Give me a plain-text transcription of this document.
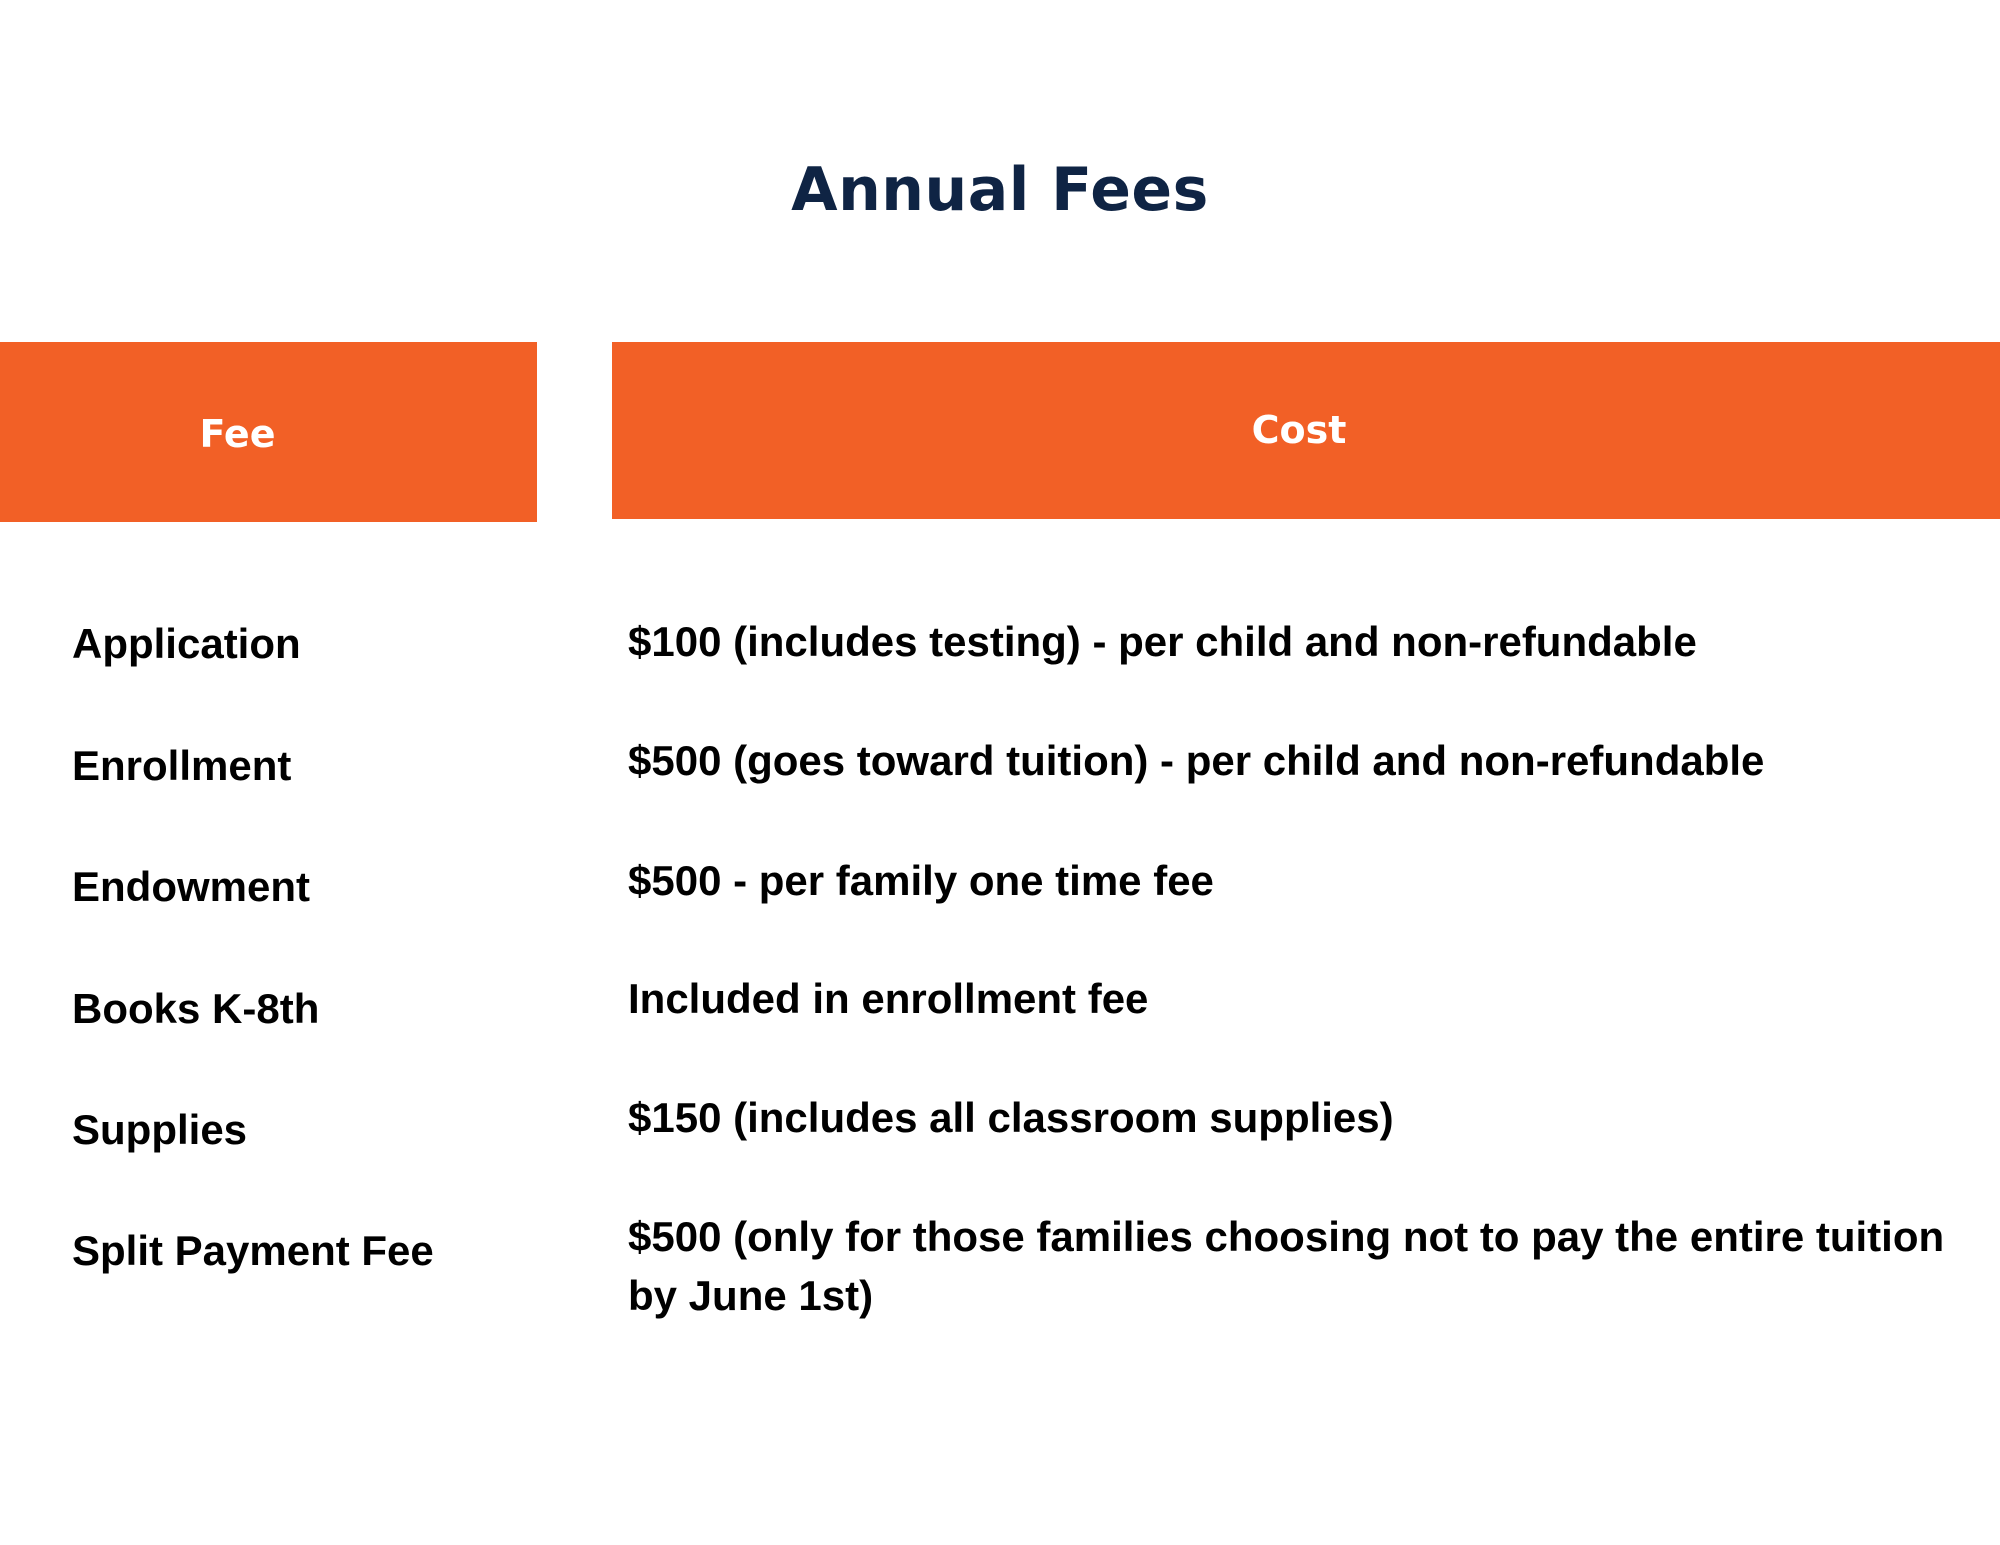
Annual Fees
Fee	Cost

Application	$100 (includes testing) - per child and non-refundable

Enrollment	$500 (goes toward tuition) - per child and non-refundable

Endowment	$500 - per family one time fee

Books K-8th	Included in enrollment fee

Supplies	$150 (includes all classroom supplies)

Split Payment Fee	$500 (only for those families choosing not to pay the entire tuition by June 1st)
